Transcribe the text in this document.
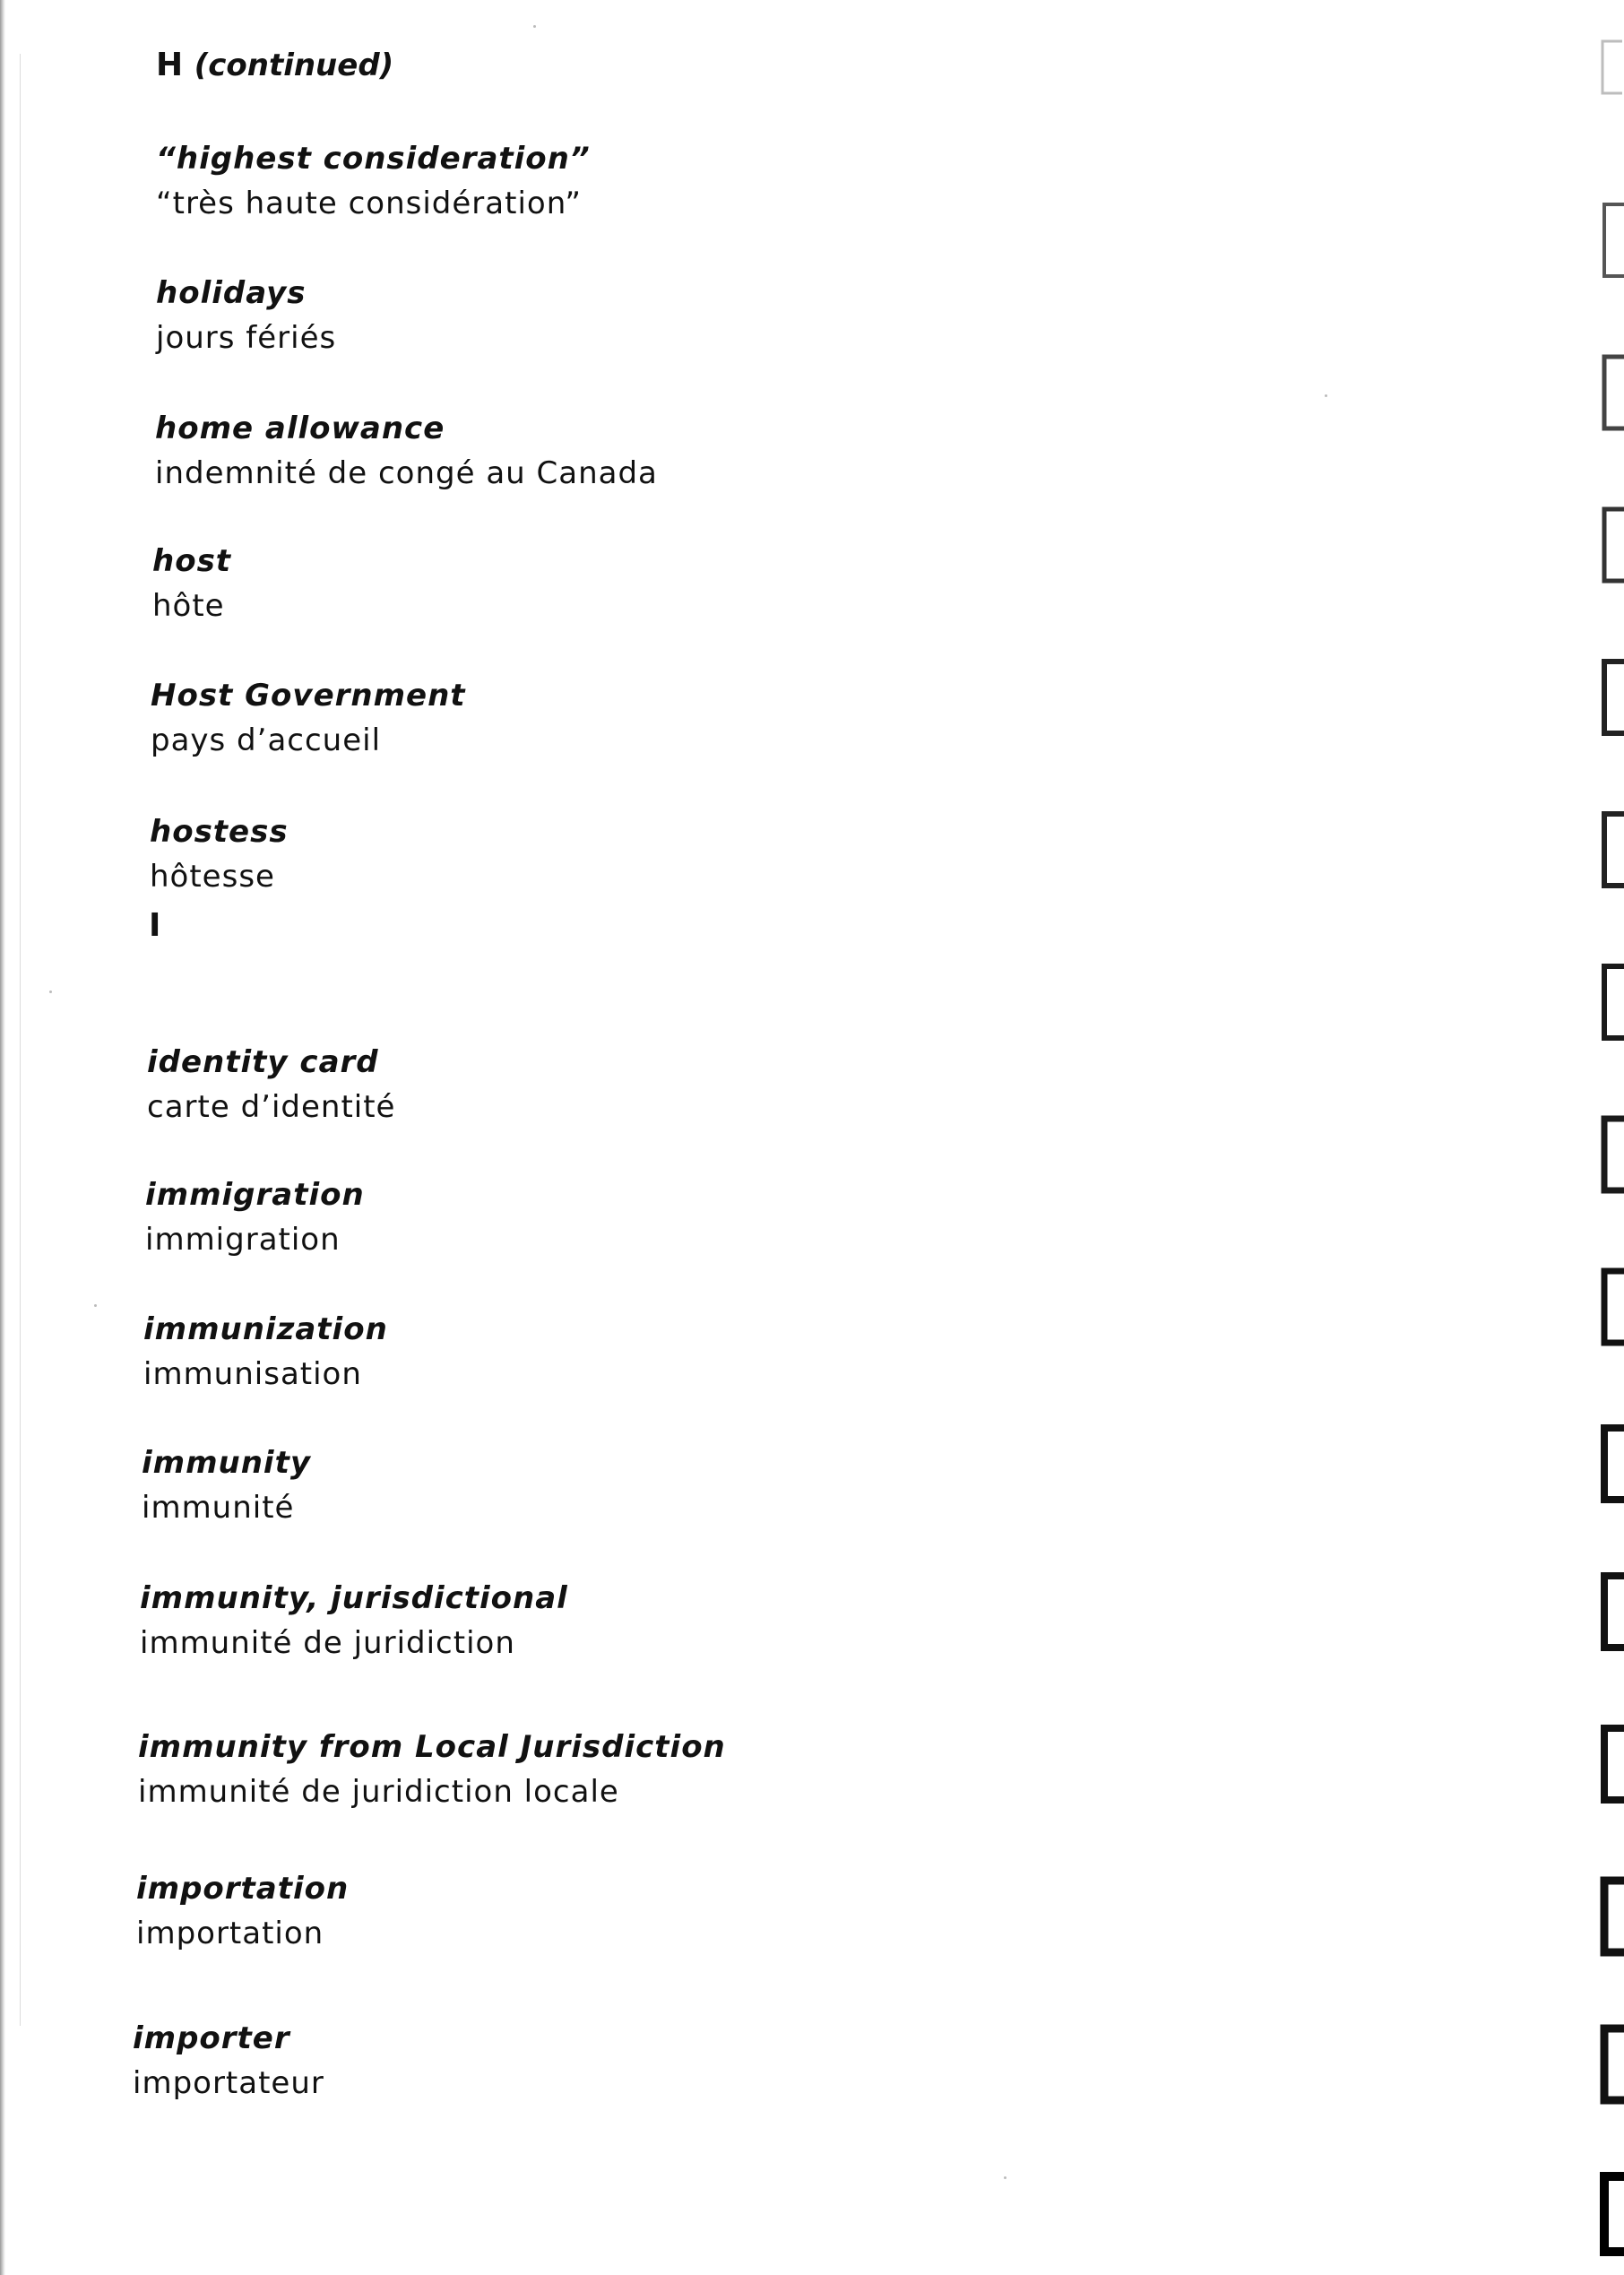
H (continued)
“highest consideration”
“très haute considération”
holidays
jours fériés
home allowance
indemnité de congé au Canada
host
hôte
Host Government
pays d’accueil
hostess
hôtesse
I
identity card
carte d’identité
immigration
immigration
immunization
immunisation
immunity
immunité
immunity, jurisdictional
immunité de juridiction
immunity from Local Jurisdiction
immunité de juridiction locale
importation
importation
importer
importateur
